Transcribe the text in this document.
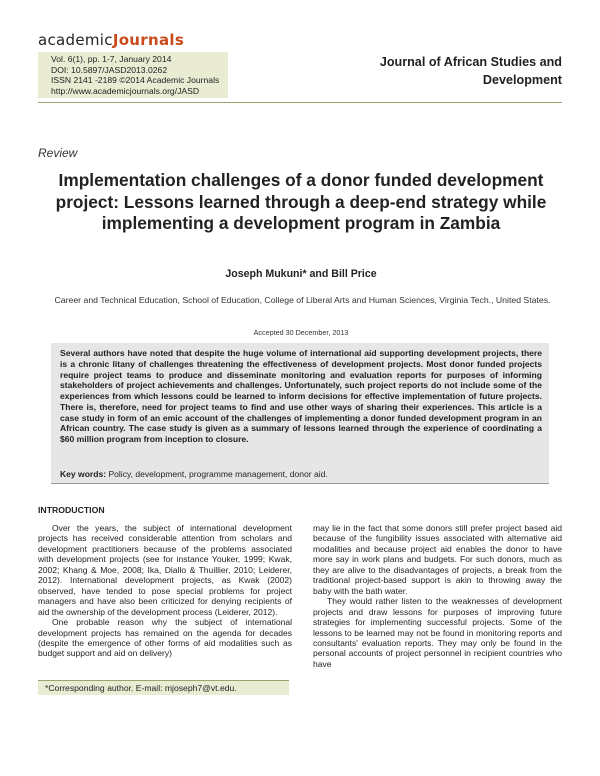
academicJournals
Vol. 6(1), pp. 1-7, January 2014
DOI: 10.5897/JASD2013.0262
ISSN 2141 -2189 ©2014 Academic Journals
http://www.academicjournals.org/JASD
Journal of African Studies and
Development
Review
Implementation challenges of a donor funded development project: Lessons learned through a deep-end strategy while implementing a development program in Zambia
Joseph Mukuni* and Bill Price
Career and Technical Education, School of Education, College of Liberal Arts and Human Sciences, Virginia Tech., United States.
Accepted 30 December, 2013
Several authors have noted that despite the huge volume of international aid supporting development projects, there is a chronic litany of challenges threatening the effectiveness of development projects. Most donor funded projects require project teams to produce and disseminate monitoring and evaluation reports for purposes of informing stakeholders of project achievements and challenges. Unfortunately, such project reports do not include some of the experiences from which lessons could be learned to inform decisions for effective implementation of future projects. There is, therefore, need for project teams to find and use other ways of sharing their experiences. This article is a case study in form of an emic account of the challenges of implementing a donor funded development program in an African country. The case study is given as a summary of lessons learned through the experience of coordinating a $60 million program from inception to closure.
Key words: Policy, development, programme management, donor aid.
INTRODUCTION

Over the years, the subject of international development projects has received considerable attention from scholars and development practitioners because of the problems associated with development projects (see for instance Youker, 1999; Kwak, 2002; Khang & Moe, 2008; Ika, Diallo & Thuillier, 2010; Leiderer, 2012). International development projects, as Kwak (2002) observed, have tended to pose special problems for project managers and have also been criticized for denying recipients of aid the ownership of the development process (Leiderer, 2012).

One probable reason why the subject of international development projects has remained on the agenda for decades (despite the emergence of other forms of aid modalities such as budget support and aid on delivery)

may lie in the fact that some donors still prefer project based aid because of the fungibility issues associated with alternative aid modalities and because project aid enables the donor to have more say in work plans and budgets. For such donors, much as they are alive to the disadvantages of projects, a break from the traditional project-based support is akin to throwing away the baby with the bath water.

They would rather listen to the weaknesses of development projects and draw lessons for purposes of improving future strategies for implementing successful projects. Some of the lessons to be learned may not be found in monitoring reports and consultants' evaluation reports. They may only be found in the personal accounts of project personnel in recipient countries who have

*Corresponding author. E-mail: mjoseph7@vt.edu.
